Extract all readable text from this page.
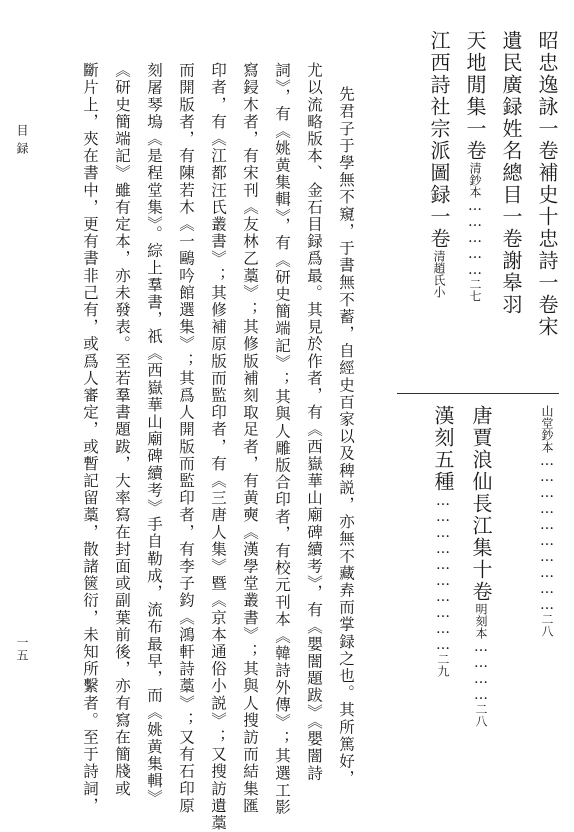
昭忠逸詠一卷補史十忠詩一卷宋
遺民廣録姓名總目一卷謝皋羽
天地閒集一卷清鈔本……………二七
江西詩社宗派圖録一卷清趙氏小
山堂鈔本…………………………二八
唐賈浪仙長江集十卷明刻本…………二八
漢刻五種…………………………二九
先君子于學無不窺，于書無不蓄，自經史百家以及稗説，亦無不藏弆而掌録之也。其所篤好，
尤以流略版本、金石目録爲最。其見於作者，有《西嶽華山廟碑續考》，有《嬰闇題跋》《嬰闇詩
詞》，有《姚黄集輯》，有《研史簡端記》；其與人雕版合印者，有校元刊本《韓詩外傳》；其選工影
寫鋟木者，有宋刊《友林乙藁》；其修版補刻取足者，有黄奭《漢學堂叢書》；其與人搜訪而結集匯
印者，有《江都汪氏叢書》；其修補原版而監印者，有《三唐人集》暨《京本通俗小説》；又搜訪遺藁
而開版者，有陳若木《一鷗吟館選集》；其爲人開版而監印者，有李子鈞《鴻軒詩藁》；又有石印原
刻屠琴塢《是程堂集》。綜上羣書，祇《西嶽華山廟碑續考》手自勒成，流布最早，而《姚黄集輯》
《研史簡端記》雖有定本，亦未發表。至若羣書題跋，大率寫在封面或副葉前後，亦有寫在簡牋或
斷片上，夾在書中，更有書非己有，或爲人審定，或暫記留藁，散諸篋衍，未知所繫者。至于詩詞，
目録
一五
